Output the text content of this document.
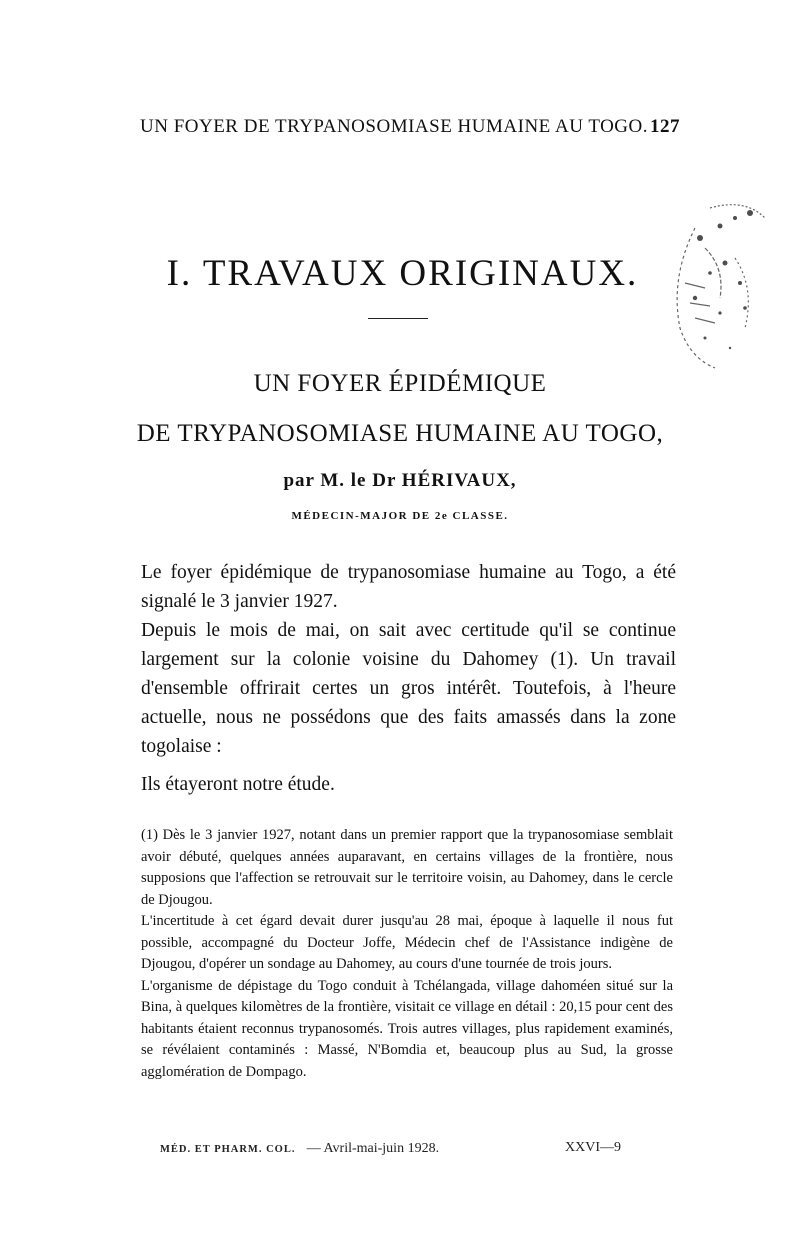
UN FOYER DE TRYPANOSOMIASE HUMAINE AU TOGO. 127
I. TRAVAUX ORIGINAUX.
UN FOYER ÉPIDÉMIQUE
DE TRYPANOSOMIASE HUMAINE AU TOGO,
par M. le Dr HÉRIVAUX,
MÉDECIN-MAJOR DE 2e CLASSE.

Le foyer épidémique de trypanosomiase humaine au Togo, a été signalé le 3 janvier 1927.

Depuis le mois de mai, on sait avec certitude qu'il se continue largement sur la colonie voisine du Dahomey (1). Un travail d'ensemble offrirait certes un gros intérêt. Toutefois, à l'heure actuelle, nous ne possédons que des faits amassés dans la zone togolaise :

Ils étayeront notre étude.

(1) Dès le 3 janvier 1927, notant dans un premier rapport que la trypanosomiase semblait avoir débuté, quelques années auparavant, en certains villages de la frontière, nous supposions que l'affection se retrouvait sur le territoire voisin, au Dahomey, dans le cercle de Djougou.

L'incertitude à cet égard devait durer jusqu'au 28 mai, époque à laquelle il nous fut possible, accompagné du Docteur Joffe, Médecin chef de l'Assistance indigène de Djougou, d'opérer un sondage au Dahomey, au cours d'une tournée de trois jours.

L'organisme de dépistage du Togo conduit à Tchélangada, village dahoméen situé sur la Bina, à quelques kilomètres de la frontière, visitait ce village en détail : 20,15 pour cent des habitants étaient reconnus trypanosomés. Trois autres villages, plus rapidement examinés, se révélaient contaminés : Massé, N'Bomdia et, beaucoup plus au Sud, la grosse agglomération de Dompago.

MÉD. ET PHARM. COL. — Avril-mai-juin 1928.	XXVI—9
